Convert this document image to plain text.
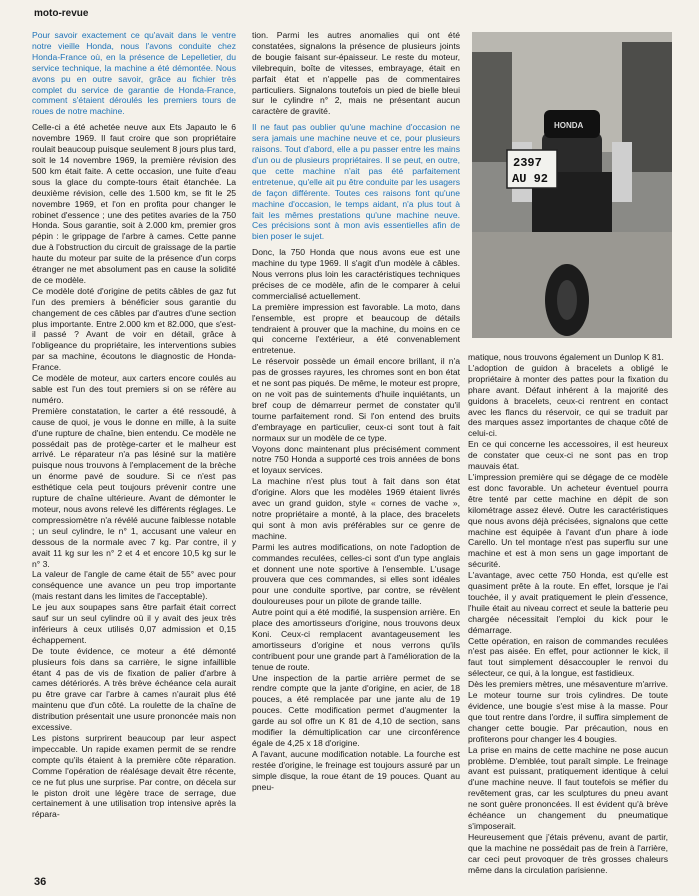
moto-revue

Pour savoir exactement ce qu'avait dans le ventre notre vieille Honda, nous l'avons conduite chez Honda-France où, en la présence de Lepelletier, du service technique, la machine a été démontée. Nous avons pu en outre savoir, grâce au fichier très complet du service de garantie de Honda-France, comment s'étaient déroulés les premiers tours de roues de notre machine.

Celle-ci a été achetée neuve aux Ets Japauto le 6 novembre 1969. Il faut croire que son propriétaire roulait beaucoup puisque seulement 8 jours plus tard, soit le 14 novembre 1969, la première révision des 500 km était faite. A cette occasion, une fuite d'eau sous la glace du compte-tours était étanchée. La deuxième révision, celle des 1.500 km, se fit le 25 novembre 1969, et l'on en profita pour changer le robinet d'essence ; une des petites avaries de la 750 Honda. Sous garantie, soit à 2.000 km, premier gros pépin : le grippage de l'arbre à cames. Cette panne due à l'obstruction du circuit de graissage de la partie haute du moteur par suite de la présence d'un corps étranger ne met absolument pas en cause la solidité de ce modèle.

Ce modèle doté d'origine de petits câbles de gaz fut l'un des premiers à bénéficier sous garantie du changement de ces câbles par d'autres d'une section plus importante. Entre 2.000 km et 82.000, que s'est-il passé ? Avant de voir en détail, grâce à l'obligeance du propriétaire, les interventions subies par sa machine, écoutons le diagnostic de Honda-France.

Ce modèle de moteur, aux carters encore coulés au sable est l'un des tout premiers si on se réfère au numéro.

Première constatation, le carter a été ressoudé, à cause de quoi, je vous le donne en mille, à la suite d'une rupture de chaîne, bien entendu. Ce modèle ne possédait pas de protège-carter et le malheur est arrivé. Le réparateur n'a pas lésiné sur la matière puisque nous trouvons à l'emplacement de la brèche un énorme pavé de soudure. Si ce n'est pas esthétique cela peut toujours prévenir contre une rupture de chaîne ultérieure. Avant de démonter le moteur, nous avons relevé les différents réglages. Le compressiomètre n'a révélé aucune faiblesse notable ; un seul cylindre, le n° 1, accusant une valeur en dessous de la normale avec 7 kg. Par contre, il y avait 11 kg sur les n° 2 et 4 et encore 10,5 kg sur le n° 3.

La valeur de l'angle de came était de 55° avec pour conséquence une avance un peu trop importante (mais restant dans les limites de l'acceptable).

Le jeu aux soupapes sans être parfait était correct sauf sur un seul cylindre où il y avait des jeux très inférieurs à ceux utilisés 0,07 admission et 0,15 échappement.

De toute évidence, ce moteur a été démonté plusieurs fois dans sa carrière, le signe infaillible étant 4 pas de vis de fixation de palier d'arbre à cames détériorés. A très brève échéance cela aurait pu être grave car l'arbre à cames n'aurait plus été maintenu que d'un côté. La roulette de la chaîne de distribution présentait une usure prononcée mais non excessive.

Les pistons surprirent beaucoup par leur aspect impeccable. Un rapide examen permit de se rendre compte qu'ils étaient à la première côte réparation. Comme l'opération de réalésage devait être récente, ce ne fut plus une surprise. Par contre, on décela sur le piston droit une légère trace de serrage, due certainement à une utilisation trop intensive après la répara-

tion. Parmi les autres anomalies qui ont été constatées, signalons la présence de plusieurs joints de bougie faisant sur-épaisseur. Le reste du moteur, vilebrequin, boîte de vitesses, embrayage, était en parfait état et n'appelle pas de commentaires particuliers. Signalons toutefois un pied de bielle bleui sur le cylindre n° 2, mais ne présentant aucun caractère de gravité.

Il ne faut pas oublier qu'une machine d'occasion ne sera jamais une machine neuve et ce, pour plusieurs raisons. Tout d'abord, elle a pu passer entre les mains d'un ou de plusieurs propriétaires. Il se peut, en outre, que cette machine n'ait pas été parfaitement entretenue, qu'elle ait pu être conduite par les usagers de façon différente. Toutes ces raisons font qu'une machine d'occasion, le temps aidant, n'a plus tout à fait les mêmes prestations qu'une machine neuve. Ces précisions sont à mon avis essentielles afin de bien poser le sujet.

Donc, la 750 Honda que nous avons eue est une machine du type 1969. Il s'agit d'un modèle à câbles. Nous verrons plus loin les caractéristiques techniques précises de ce modèle, afin de le comparer à celui commercialisé actuellement.

La première impression est favorable. La moto, dans l'ensemble, est propre et beaucoup de détails tendraient à prouver que la machine, du moins en ce qui concerne l'extérieur, a été convenablement entretenue.

Le réservoir possède un émail encore brillant, il n'a pas de grosses rayures, les chromes sont en bon état et ne sont pas piqués. De même, le moteur est propre, on ne voit pas de suintements d'huile inquiétants, un bref coup de démarreur permet de constater qu'il tourne parfaitement rond. Si l'on entend des bruits d'embrayage en particulier, ceux-ci sont tout à fait normaux sur un modèle de ce type.

Voyons donc maintenant plus précisément comment notre 750 Honda a supporté ces trois années de bons et loyaux services.

La machine n'est plus tout à fait dans son état d'origine. Alors que les modèles 1969 étaient livrés avec un grand guidon, style « cornes de vache », notre propriétaire a monté, à la place, des bracelets qui sont à mon avis préférables sur ce genre de machine.

Parmi les autres modifications, on note l'adoption de commandes reculées, celles-ci sont d'un type anglais et donnent une note sportive à l'ensemble. L'usage prouvera que ces commandes, si elles sont idéales pour une conduite sportive, par contre, se révèlent douloureuses pour un pilote de grande taille.

Autre point qui a été modifié, la suspension arrière. En place des amortisseurs d'origine, nous trouvons deux Koni. Ceux-ci remplacent avantageusement les amortisseurs d'origine et nous verrons qu'ils contribuent pour une grande part à l'amélioration de la tenue de route.

Une inspection de la partie arrière permet de se rendre compte que la jante d'origine, en acier, de 18 pouces, a été remplacée par une jante alu de 19 pouces. Cette modification permet d'augmenter la garde au sol offre un K 81 de 4,10 de section, sans modifier la démultiplication car une circonférence égale de 4,25 x 18 d'origine.

A l'avant, aucune modification notable. La fourche est restée d'origine, le freinage est toujours assuré par un simple disque, la roue étant de 19 pouces. Quant au pneu-

HONDA
2397
AU 92

matique, nous trouvons également un Dunlop K 81.

L'adoption de guidon à bracelets a obligé le propriétaire à monter des pattes pour la fixation du phare avant. Défaut inhérent à la majorité des guidons à bracelets, ceux-ci rentrent en contact avec les flancs du réservoir, ce qui se traduit par des marques assez importantes de chaque côté de celui-ci.

En ce qui concerne les accessoires, il est heureux de constater que ceux-ci ne sont pas en trop mauvais état.

L'impression première qui se dégage de ce modèle est donc favorable. Un acheteur éventuel pourra être tenté par cette machine en dépit de son kilométrage assez élevé. Outre les caractéristiques que nous avons déjà précisées, signalons que cette machine est équipée à l'avant d'un phare à iode Carello. Un tel montage n'est pas superflu sur une machine et est à mon sens un gage important de sécurité.

L'avantage, avec cette 750 Honda, est qu'elle est quasiment prête à la route. En effet, lorsque je l'ai touchée, il y avait pratiquement le plein d'essence, l'huile était au niveau correct et seule la batterie peu chargée nécessitait l'emploi du kick pour le démarrage.

Cette opération, en raison de commandes reculées n'est pas aisée. En effet, pour actionner le kick, il faut tout simplement désaccoupler le renvoi du sélecteur, ce qui, à la longue, est fastidieux.

Dès les premiers mètres, une mésaventure m'arrive. Le moteur tourne sur trois cylindres. De toute évidence, une bougie s'est mise à la masse. Pour que tout rentre dans l'ordre, il suffira simplement de changer cette bougie. Par précaution, nous en profiterons pour changer les 4 bougies.

La prise en mains de cette machine ne pose aucun problème. D'emblée, tout paraît simple. Le freinage avant est puissant, pratiquement identique à celui d'une machine neuve. Il faut toutefois se méfier du revêtement gras, car les sculptures du pneu avant ne sont guère prononcées. Il est évident qu'à brève échéance un changement du pneumatique s'imposerait.

Heureusement que j'étais prévenu, avant de partir, que la machine ne possédait pas de frein à l'arrière, car ceci peut provoquer de très grosses chaleurs même dans la circulation parisienne.

36
